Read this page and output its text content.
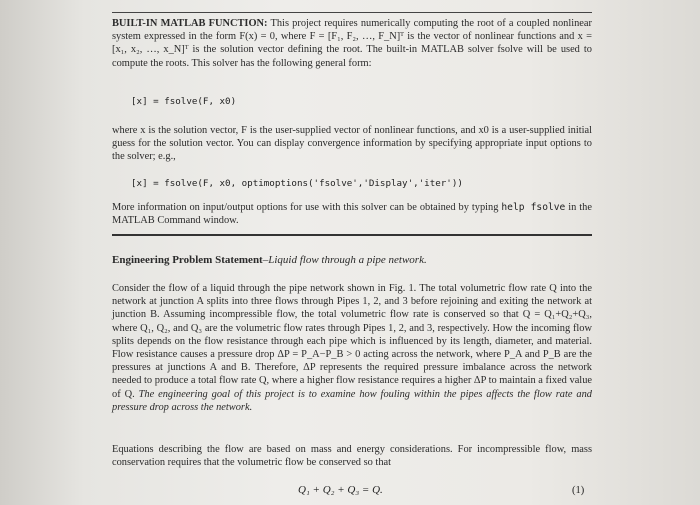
BUILT-IN MATLAB FUNCTION: This project requires numerically computing the root of a coupled nonlinear system expressed in the form F(x) = 0, where F = [F₁, F₂, …, F_N]ᵀ is the vector of nonlinear functions and x = [x₁, x₂, …, x_N]ᵀ is the solution vector defining the root. The built-in MATLAB solver fsolve will be used to compute the roots. This solver has the following general form:

[x] = fsolve(F, x0)

where x is the solution vector, F is the user-supplied vector of nonlinear functions, and x0 is a user-supplied initial guess for the solution vector. You can display convergence information by specifying appropriate input options to the solver; e.g.,

[x] = fsolve(F, x0, optimoptions('fsolve','Display','iter'))

More information on input/output options for use with this solver can be obtained by typing help fsolve in the MATLAB Command window.

Engineering Problem Statement–Liquid flow through a pipe network.

Consider the flow of a liquid through the pipe network shown in Fig. 1. The total volumetric flow rate Q into the network at junction A splits into three flows through Pipes 1, 2, and 3 before rejoining and exiting the network at junction B. Assuming incompressible flow, the total volumetric flow rate is conserved so that Q = Q₁+Q₂+Q₃, where Q₁, Q₂, and Q₃ are the volumetric flow rates through Pipes 1, 2, and 3, respectively. How the incoming flow splits depends on the flow resistance through each pipe which is influenced by its length, diameter, and material. Flow resistance causes a pressure drop ΔP = P_A−P_B > 0 acting across the network, where P_A and P_B are the pressures at junctions A and B. Therefore, ΔP represents the required pressure imbalance across the network needed to produce a total flow rate Q, where a higher flow resistance requires a higher ΔP to maintain a fixed value of Q. The engineering goal of this project is to examine how fouling within the pipes affects the flow rate and pressure drop across the network.

Equations describing the flow are based on mass and energy considerations. For incompressible flow, mass conservation requires that the volumetric flow be conserved so that

Q₁ + Q₂ + Q₃ = Q.	(1)
